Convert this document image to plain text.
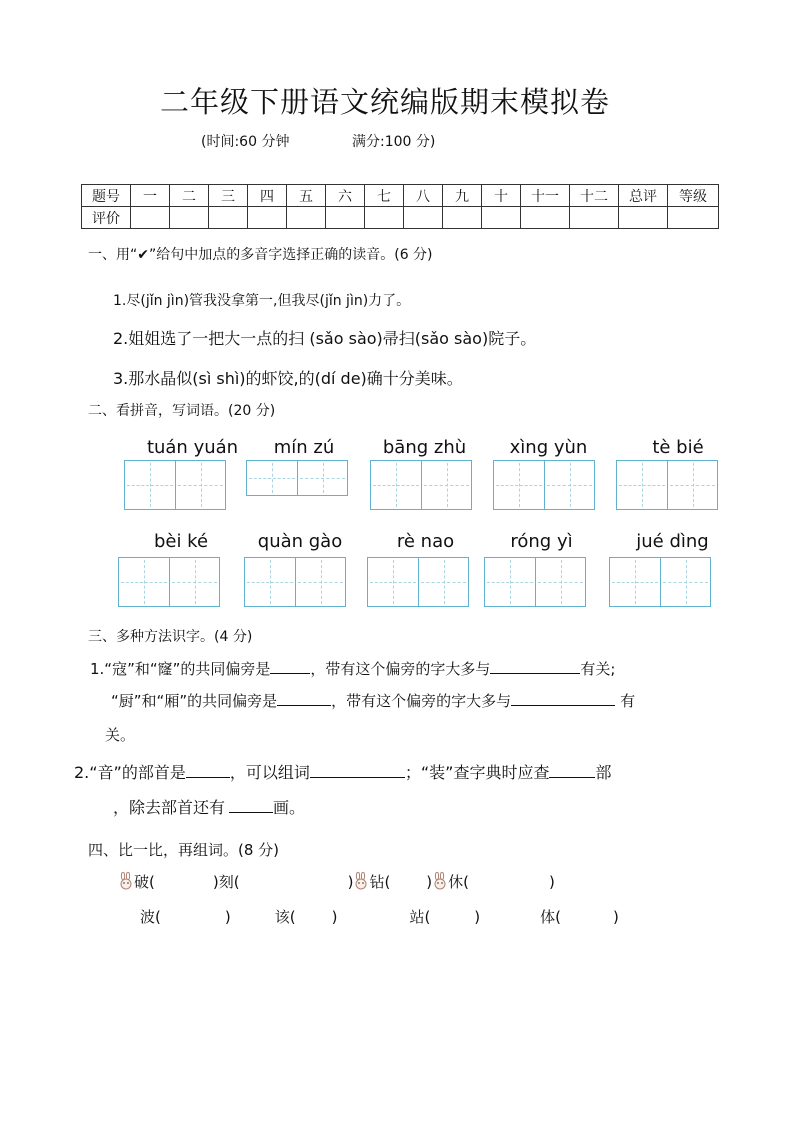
二年级下册语文统编版期末模拟卷
(时间:60 分钟	满分:100 分)
题号	一	二	三	四	五	六	七	八	九	十	十一	十二	总评	等级
评价														
一、用“✔”给句中加点的多音字选择正确的读音。(6 分)
1.尽(jǐn jìn)管我没拿第一,但我尽(jǐn jìn)力了。
2.姐姐选了一把大一点的扫 (sǎo sào)帚扫(sǎo sào)院子。
3.那水晶似(sì shì)的虾饺,的(dí de)确十分美味。
二、看拼音，写词语。(20 分)
tuán yuán	mín zú	bāng zhù	xìng yùn	tè bié
bèi ké	quàn gào	rè nao	róng yì	jué dìng
三、多种方法识字。(4 分)
1.“寇”和“窿”的共同偏旁是	，带有这个偏旁的字大多与	有关;
“厨”和“厢”的共同偏旁是	，带有这个偏旁的字大多与	有
关。
2.“音”的部首是	，可以组词	；“装”查字典时应查	部
，除去部首还有	画。
四、比一比，再组词。(8 分)
破(	)刻(	) 钻( ) 休(	)
波(	)	该( )	站(	)	体(	)
